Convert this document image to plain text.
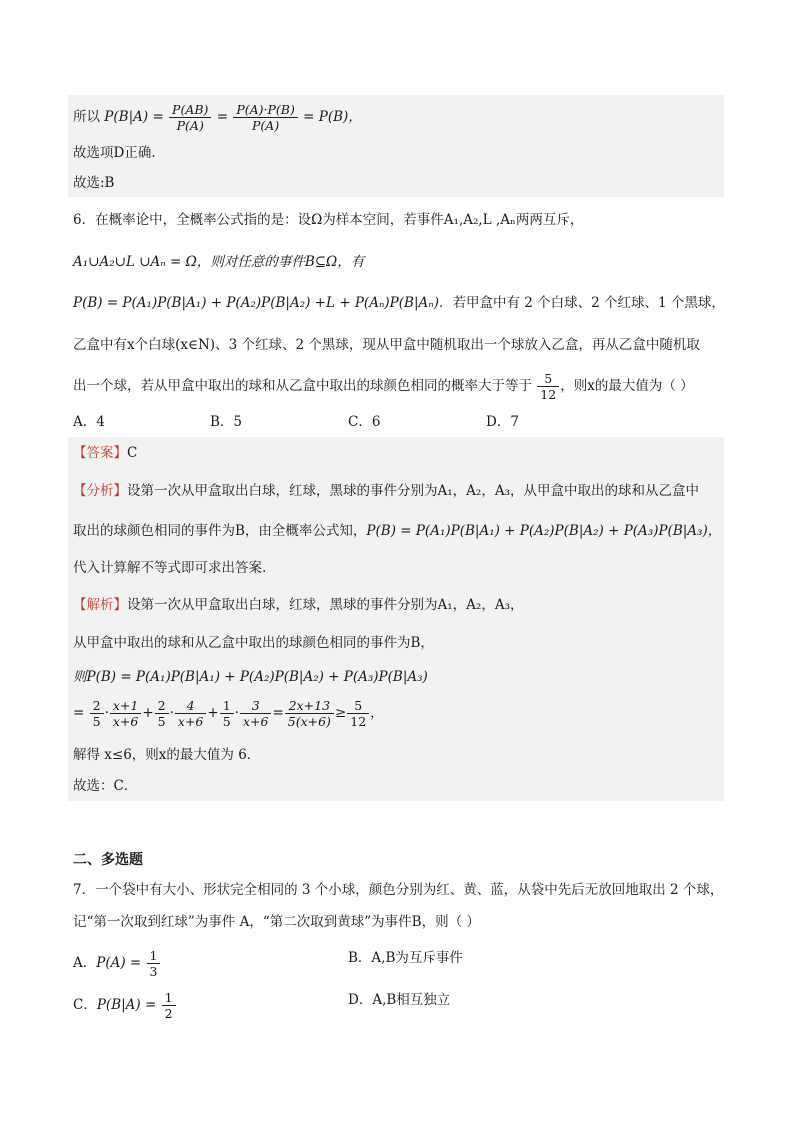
所以 $P(B|A) = \frac{P(AB)}{P(A)} = \frac{P(A)\cdot P(B)}{P(A)} = P(B)$，
故选项D正确.
故选:B
6．在概率论中，全概率公式指的是：设Ω为样本空间，若事件A₁,A₂,L ,Aₙ两两互斥，
A₁∪A₂∪L ∪Aₙ = Ω，则对任意的事件B⊆Ω，有
P(B) = P(A₁)P(B|A₁) + P(A₂)P(B|A₂) +L + P(Aₙ)P(B|Aₙ)．若甲盒中有 2 个白球、2 个红球、1 个黑球，
乙盒中有x个白球(x∈N)、3 个红球、2 个黑球，现从甲盒中随机取出一个球放入乙盒，再从乙盒中随机取
出一个球，若从甲盒中取出的球和从乙盒中取出的球颜色相同的概率大于等于 $\frac{5}{12}$ ，则x的最大值为（ ）
A．4	B．5	C．6	D．7
【答案】C
【分析】设第一次从甲盒取出白球，红球，黑球的事件分别为A₁，A₂，A₃，从甲盒中取出的球和从乙盒中
取出的球颜色相同的事件为B，由全概率公式知，P(B) = P(A₁)P(B|A₁) + P(A₂)P(B|A₂) + P(A₃)P(B|A₃)，
代入计算解不等式即可求出答案.
【解析】设第一次从甲盒取出白球，红球，黑球的事件分别为A₁，A₂，A₃，
从甲盒中取出的球和从乙盒中取出的球颜色相同的事件为B，
则P(B) = P(A₁)P(B|A₁) + P(A₂)P(B|A₂) + P(A₃)P(B|A₃)
= $\frac{2}{5} \cdot \frac{x+1}{x+6} + \frac{2}{5} \cdot \frac{4}{x+6} + \frac{1}{5} \cdot \frac{3}{x+6} = \frac{2x+13}{5(x+6)} \ge \frac{5}{12}$ ，
解得 x≤6，则x的最大值为 6．
故选：C．
二、多选题
7．一个袋中有大小、形状完全相同的 3 个小球，颜色分别为红、黄、蓝，从袋中先后无放回地取出 2 个球，
记“第一次取到红球”为事件 A，“第二次取到黄球”为事件B，则（ ）
A．$P(A) = \frac{1}{3}$	B．A,B为互斥事件
C．$P(B|A) = \frac{1}{2}$	D．A,B相互独立
